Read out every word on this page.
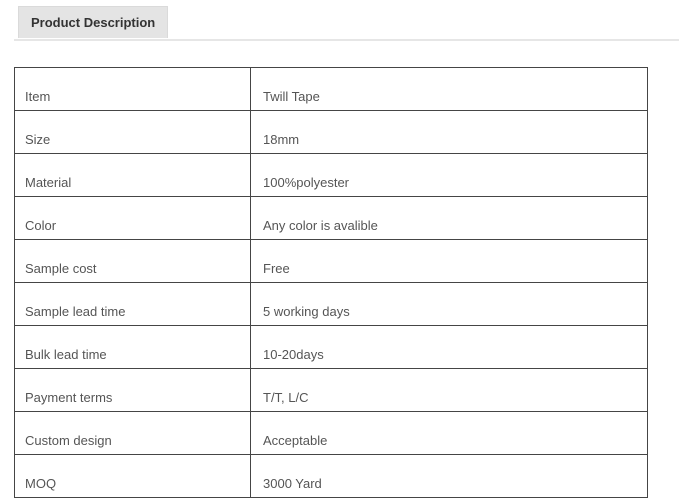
Product Description
Item	Twill Tape
Size	18mm
Material	100%polyester
Color	Any color is avalible
Sample cost	Free
Sample lead time	5 working days
Bulk lead time	10-20days
Payment terms	T/T, L/C
Custom design	Acceptable
MOQ	3000 Yard
